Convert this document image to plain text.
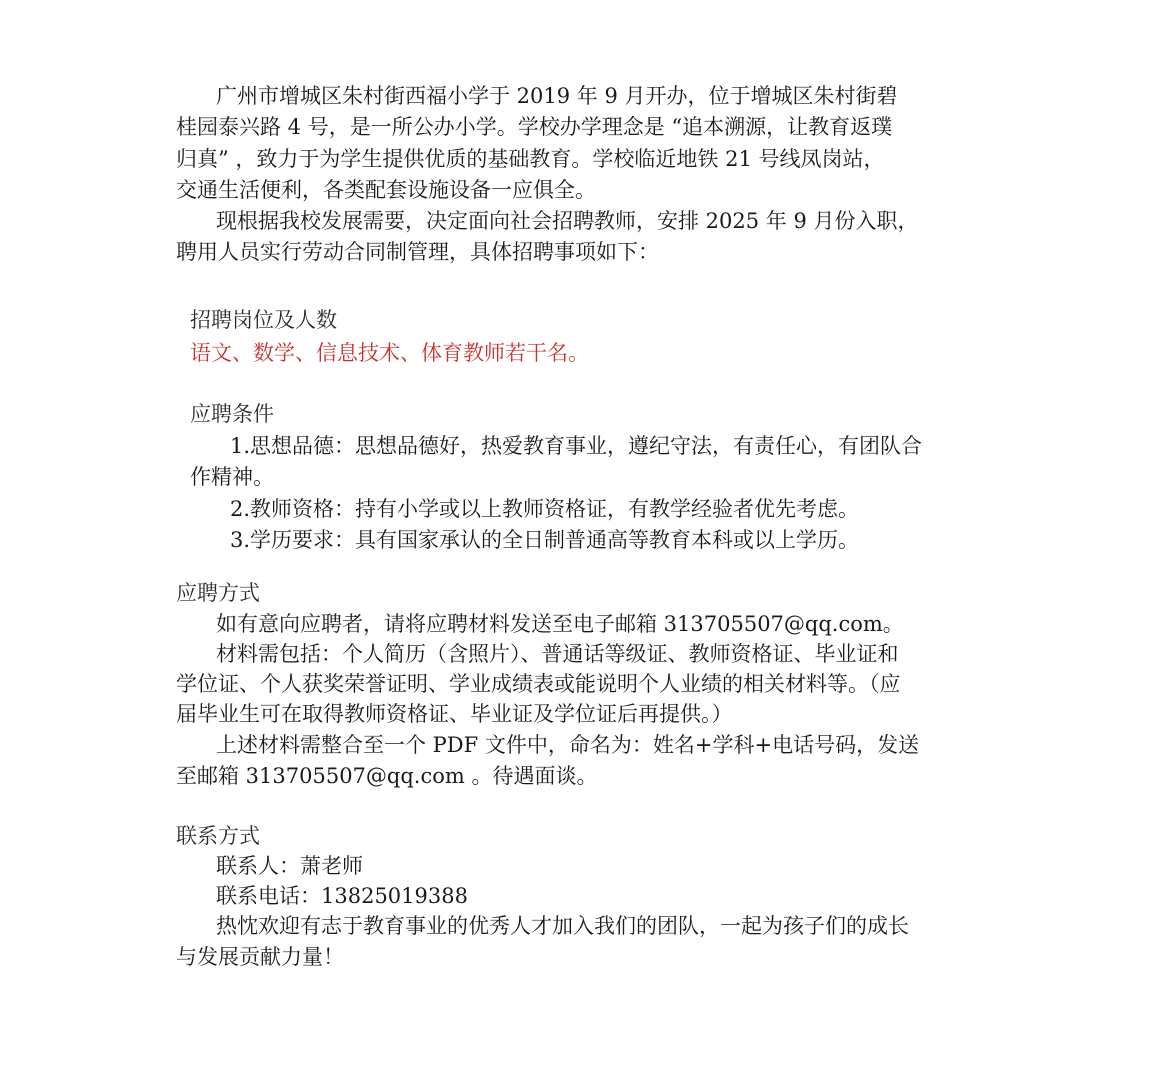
广州市增城区朱村街西福小学于 2019 年 9 月开办，位于增城区朱村街碧
桂园泰兴路 4 号，是一所公办小学。学校办学理念是 “追本溯源，让教育返璞
归真” ，致力于为学生提供优质的基础教育。学校临近地铁 21 号线凤岗站，
交通生活便利，各类配套设施设备一应俱全。
现根据我校发展需要，决定面向社会招聘教师，安排 2025 年 9 月份入职，
聘用人员实行劳动合同制管理，具体招聘事项如下：
招聘岗位及人数
语文、数学、信息技术、体育教师若干名。
应聘条件
1.思想品德：思想品德好，热爱教育事业，遵纪守法，有责任心，有团队合
作精神。
2.教师资格：持有小学或以上教师资格证，有教学经验者优先考虑。
3.学历要求：具有国家承认的全日制普通高等教育本科或以上学历。
应聘方式
如有意向应聘者，请将应聘材料发送至电子邮箱 313705507@qq.com。
材料需包括：个人简历（含照片）、普通话等级证、教师资格证、毕业证和
学位证、个人获奖荣誉证明、学业成绩表或能说明个人业绩的相关材料等。（应
届毕业生可在取得教师资格证、毕业证及学位证后再提供。）
上述材料需整合至一个 PDF 文件中，命名为：姓名+学科+电话号码，发送
至邮箱 313705507@qq.com 。待遇面谈。
联系方式
联系人：萧老师
联系电话：13825019388
热忱欢迎有志于教育事业的优秀人才加入我们的团队，一起为孩子们的成长
与发展贡献力量！
